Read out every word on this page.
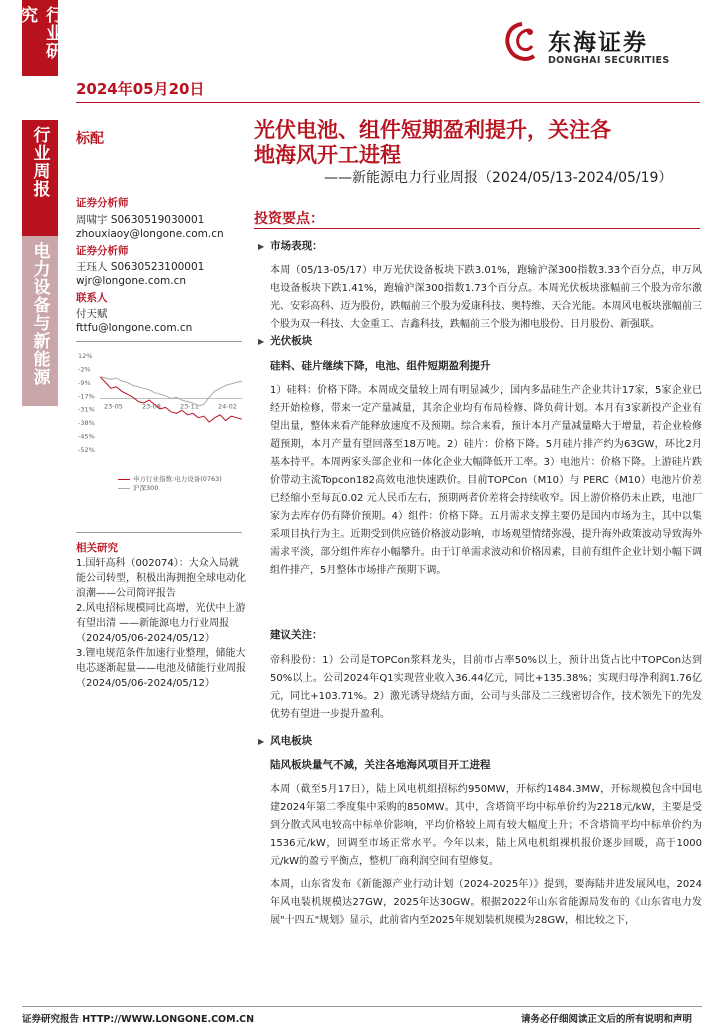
行业研究
行业周报
电力设备与新能源
2024年05月20日
东海证券
DONGHAI SECURITIES
标配	光伏电池、组件短期盈利提升，关注各
地海风开工进程
——新能源电力行业周报（2024/05/13-2024/05/19）
证券分析师
周啸宇 S0630519030001
zhouxiaoy@longone.com.cn
证券分析师
王珏人 S0630523100001
wjr@longone.com.cn
联系人
付天赋
fttfu@longone.com.cn
12%
-2%
-9%
-17%
-31%
-38%
-45%
-52%
23-05	23-08	23-11	24-02
申万行业指数:电力设备(0763)
沪深300
相关研究
1.国轩高科（002074）：大众入局就能公司转型，积极出海拥抱全球电动化浪潮——公司简评报告
2.风电招标规模同比高增，光伏中上游有望出清 ——新能源电力行业周报（2024/05/06-2024/05/12）
3.锂电规范条件加速行业整理，储能大电芯逐渐起量——电池及储能行业周报（2024/05/06-2024/05/12）
投资要点：
▶ 市场表现：
本周（05/13-05/17）申万光伏设备板块下跌3.01%，跑输沪深300指数3.33个百分点，申万风电设备板块下跌1.41%，跑输沪深300指数1.73个百分点。本周光伏板块涨幅前三个股为帝尔激光、安彩高科、迈为股份，跌幅前三个股为爱康科技、奥特维、天合光能。本周风电板块涨幅前三个股为双一科技、大金重工、吉鑫科技，跌幅前三个股为湘电股份、日月股份、新强联。
▶ 光伏板块
硅料、硅片继续下降，电池、组件短期盈利提升
1）硅料：价格下降。本周成交量较上周有明显减少，国内多晶硅生产企业共计17家，5家企业已经开始检修，带来一定产量减量，其余企业均有布局检修、降负荷计划。本月有3家新投产企业有望出量，整体来看产能释放速度不及预期。综合来看，预计本月产量减量略大于增量，若企业检修超预期，本月产量有望回落至18万吨。2）硅片：价格下降。5月硅片排产约为63GW，环比2月基本持平。本周两家头部企业和一体化企业大幅降低开工率。3）电池片：价格下降。上游硅片跌价带动主流Topcon182高效电池快速跌价。目前TOPCon（M10）与 PERC（M10）电池片价差已经缩小至每瓦0.02 元人民币左右，预期两者价差将会持续收窄。因上游价格仍未止跌，电池厂家为去库存仍有降价预期。4）组件：价格下降。五月需求支撑主要仍是国内市场为主，其中以集采项目执行为主。近期受到供应链价格波动影响，市场观望情绪弥漫，提升海外政策波动导致海外需求平淡，部分组件库存小幅攀升。由于订单需求波动和价格因素，目前有组件企业计划小幅下调组件排产，5月整体市场排产预期下调。
建议关注：
帝科股份：1）公司是TOPCon浆料龙头，目前市占率50%以上，预计出货占比中TOPCon达到50%以上。公司2024年Q1实现营业收入36.44亿元，同比+135.38%；实现归母净利润1.76亿元，同比+103.71%。2）激光诱导烧结方面，公司与头部及二三线密切合作，技术领先下的先发优势有望进一步提升盈利。
▶ 风电板块
陆风板块量气不减，关注各地海风项目开工进程
本周（截至5月17日），陆上风电机组招标约950MW，开标约1484.3MW，开标规模包含中国电建2024年第二季度集中采购的850MW。其中，含塔筒平均中标单价约为2218元/kW，主要是受到分散式风电较高中标单价影响，平均价格较上周有较大幅度上升；不含塔筒平均中标单价约为1536元/kW，回调至市场正常水平。今年以来，陆上风电机组裸机报价逐步回暖，高于1000元/kW的盈亏平衡点，整机厂商利润空间有望修复。
本周，山东省发布《新能源产业行动计划（2024-2025年）》提到，要海陆并进发展风电，2024年风电装机规模达27GW，2025年达30GW。根据2022年山东省能源局发布的《山东省电力发展"十四五"规划》显示，此前省内至2025年规划装机规模为28GW，相比较之下，
证券研究报告 HTTP://WWW.LONGONE.COM.CN	请务必仔细阅读正文后的所有说明和声明
